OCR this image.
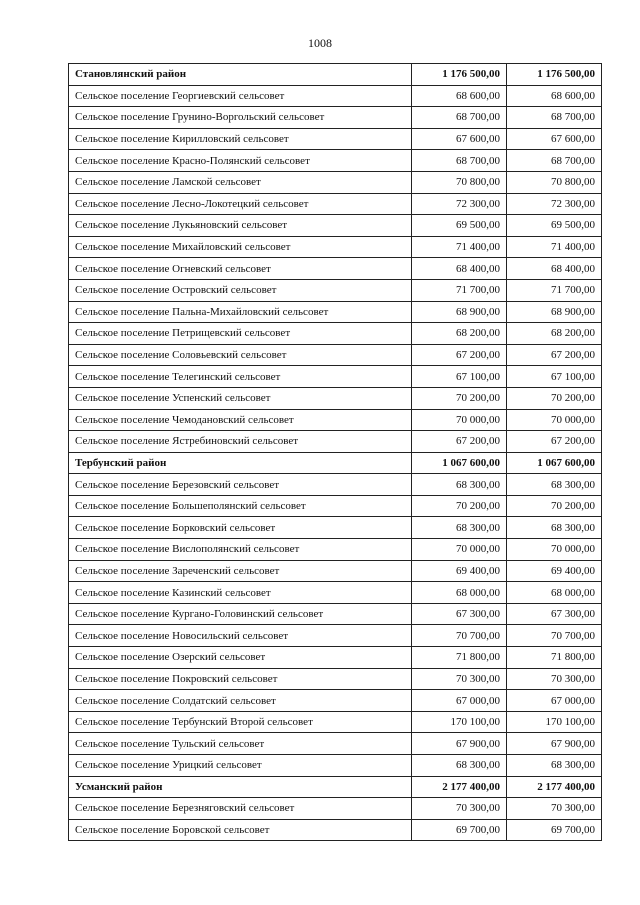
1008
Становлянский район	1 176 500,00	1 176 500,00
Сельское поселение Георгиевский сельсовет	68 600,00	68 600,00
Сельское поселение Грунино-Воргольский сельсовет	68 700,00	68 700,00
Сельское поселение Кирилловский сельсовет	67 600,00	67 600,00
Сельское поселение Красно-Полянский сельсовет	68 700,00	68 700,00
Сельское поселение Ламской сельсовет	70 800,00	70 800,00
Сельское поселение Лесно-Локотецкий сельсовет	72 300,00	72 300,00
Сельское поселение Лукьяновский сельсовет	69 500,00	69 500,00
Сельское поселение Михайловский сельсовет	71 400,00	71 400,00
Сельское поселение Огневский сельсовет	68 400,00	68 400,00
Сельское поселение Островский сельсовет	71 700,00	71 700,00
Сельское поселение Пальна-Михайловский сельсовет	68 900,00	68 900,00
Сельское поселение Петрищевский сельсовет	68 200,00	68 200,00
Сельское поселение Соловьевский сельсовет	67 200,00	67 200,00
Сельское поселение Телегинский сельсовет	67 100,00	67 100,00
Сельское поселение Успенский сельсовет	70 200,00	70 200,00
Сельское поселение Чемодановский сельсовет	70 000,00	70 000,00
Сельское поселение Ястребиновский сельсовет	67 200,00	67 200,00
Тербунский район	1 067 600,00	1 067 600,00
Сельское поселение Березовский сельсовет	68 300,00	68 300,00
Сельское поселение Большеполянский сельсовет	70 200,00	70 200,00
Сельское поселение Борковский сельсовет	68 300,00	68 300,00
Сельское поселение Вислополянский сельсовет	70 000,00	70 000,00
Сельское поселение Зареченский сельсовет	69 400,00	69 400,00
Сельское поселение Казинский сельсовет	68 000,00	68 000,00
Сельское поселение Кургано-Головинский сельсовет	67 300,00	67 300,00
Сельское поселение Новосильский сельсовет	70 700,00	70 700,00
Сельское поселение Озерский сельсовет	71 800,00	71 800,00
Сельское поселение Покровский сельсовет	70 300,00	70 300,00
Сельское поселение Солдатский сельсовет	67 000,00	67 000,00
Сельское поселение Тербунский Второй сельсовет	170 100,00	170 100,00
Сельское поселение Тульский сельсовет	67 900,00	67 900,00
Сельское поселение Урицкий сельсовет	68 300,00	68 300,00
Усманский район	2 177 400,00	2 177 400,00
Сельское поселение Березняговский сельсовет	70 300,00	70 300,00
Сельское поселение Боровской сельсовет	69 700,00	69 700,00
